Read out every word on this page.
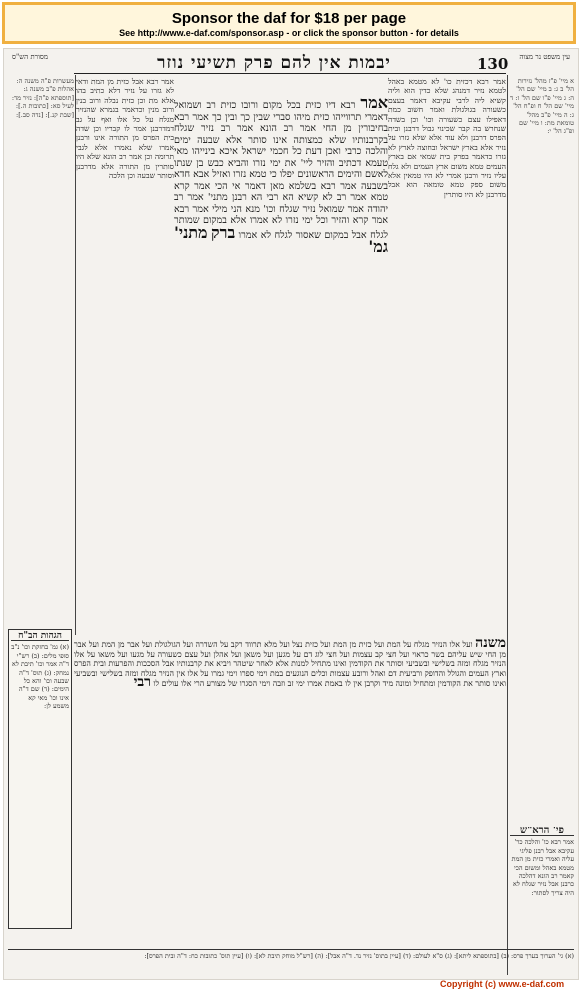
Sponsor the daf for $18 per page
See http://www.e-daf.com/sponsor.asp - or click the sponsor button - for details
עין משפט נר מצוה
130
יבמות אין להם פרק תשיעי נוזר
מסורת הש"ס
א מיי' פ"ז מהל' נזירות הל' ב ג: ב מיי' שם הל' ה: ג מיי' פ"ו שם הל' ז: ד מיי' שם הל' ח ופ"ח הל' ג: ה מיי' פ"ב מהל' טומאת מת: ו מיי' שם ופ"ג הל' י:
מעשרות פ"ה משנה ה: אהלות פ"ב משנה ג: [תוספתא פ"ה]: נזיר מד: לעיל סא: [כתובות ה.]: [שבת קנ.]: [נדה סב.]:
אמר רבא דכזית כו' לא מטמא באהל לטמא נזיר דמנהג שלא כדין הוא וליה קשיא ליה לרבי עקיבא דאמר בעצם כשעורה בגולגולת ואמר חשוב כמת דאפילו עצם כשעורה וכו' וכן בשדה שנחרש בה קבר שכינוי גבול דרבנן ובית הפרס דרבנן ולא עוד אלא שלא גזרו על נזיר אלא בארץ ישראל ובחוצה לארץ לא גזרו כדאמר בפרק בית שמאי אם בארץ העמים טמא משום ארץ העמים ולא גלח עליו נזיר ורבנן אמרי לא היו טמאין אלא משום ספק טמא טומאה הוא אבל מדרבנן לא היו סותרין
אמר רבא דיו כזית בכל מקום ורובו כזית רב ושמואל דאמרי תרווייהו כזית מיהו סברי שבין כך ובין כך אמר רבא בחיבורין מן החי אמר רב הונא אמר רב נזיר שגלח בקרבנותיו שלא כמצותה אינו סותר אלא שבעה ימים והלכה כרבי ואכן דעת כל חכמי ישראל איכא בינייהו מאי טעמא דכתיב והזיר ליי' את ימי נזרו והביא כבש בן שנתו לאשם והימים הראשונים יפלו כי טמא נזרו ואזיל אבא חדא בשבעה אמר רבא בשלמא מאן דאמר אי הכי אמר קרא טמא אמר רב לא קשיא הא רבי הא רבנן מתני' אמר רב יהודה אמר שמואל נזיר שגלח וכו' מנא הני מילי אמר רבא אמר קרא והזיר וכל ימי נזרו לא אמרו אלא במקום שמותר לגלח אבל במקום שאסור לגלח לא אמרו ברק מתני' גמ'
אמר רבא אבל כזית מן המת ודאי לא גזרו על נזיר דלא כתיב בהו אלא מת וכן כזית נבלה ורוב בנין ורוב מנין וכדאמר בגמרא שהנזיר מגלח על כל אלו ואף על גב דמדרבנן אמר לו קבריו וכן שדה בית הפרס מן התורה אינו ורבנן אמרו שלא נאמרו אלא לגבי תרומה וכן אמר רב הונא שלא היו סותרין מן התורה אלא מדרבנן וסותר שבעה וכן הלכה
הגהות הב"ח
(א) גמ' בחזקת וכו' נ"ב סופי מלים: (ב) רש"י ד"ה אמר וכו' תיבת לא נמחק: (ג) תוס' ד"ה שבעה וכו' והא כל הימים: (ד) שם ד"ה אינו וכו' מאי קא משמע לן:
משנה ועל אלו הנזיר מגלח על המת ועל כזית מן המת ועל כזית נצל ועל מלא תרווד רקב על השדרה ועל הגולגולת ועל אבר מן המת ועל אבר מן החי שיש עליהם בשר כראוי ועל חצי קב עצמות ועל חצי לוג דם על מגען ועל משאן ועל אהלן ועל עצם כשעורה על מגעו ועל משאו על אלו הנזיר מגלח ומזה בשלישי ובשביעי וסותר את הקודמין ואינו מתחיל למנות אלא לאחר שיטהר ויביא את קרבנותיו אבל הסככות והפרעות ובית הפרס וארץ העמים והגולל והדופק ורביעית דם ואהל ורובע עצמות וכלים הנוגעים במת וימי ספרו וימי גמרו על אלו אין הנזיר מגלח ומזה בשלישי ובשביעי ואינו סותר את הקודמין ומתחיל ומונה מיד וקרבן אין לו באמת אמרו ימי זב וזבה וימי הסגרו של מצורע הרי אלו עולים לו רבי
פי' הרא"ש
אמר רבא כו' והלכה כר' עקיבא אבל רבנן פליגי עליה ואמרי כזית מן המת מטמא באהל ומשום הכי קאמר רב הונא דהלכה כרבנן אבל נזיר שגלח לא היה צריך לסתור:
(א) גי' הערוך בערך פרס: (ב) [בתוספתא ליתא]: (ג) ס"א לעולם: (ד) [עיין בתוס' נזיר נד. ד"ה אבל]: (ה) [רש"ל מוחק תיבת לא]: (ו) [עיין תוס' כתובות כח: ד"ה ובית הפרס]:
Copyright (c) www.e-daf.com
